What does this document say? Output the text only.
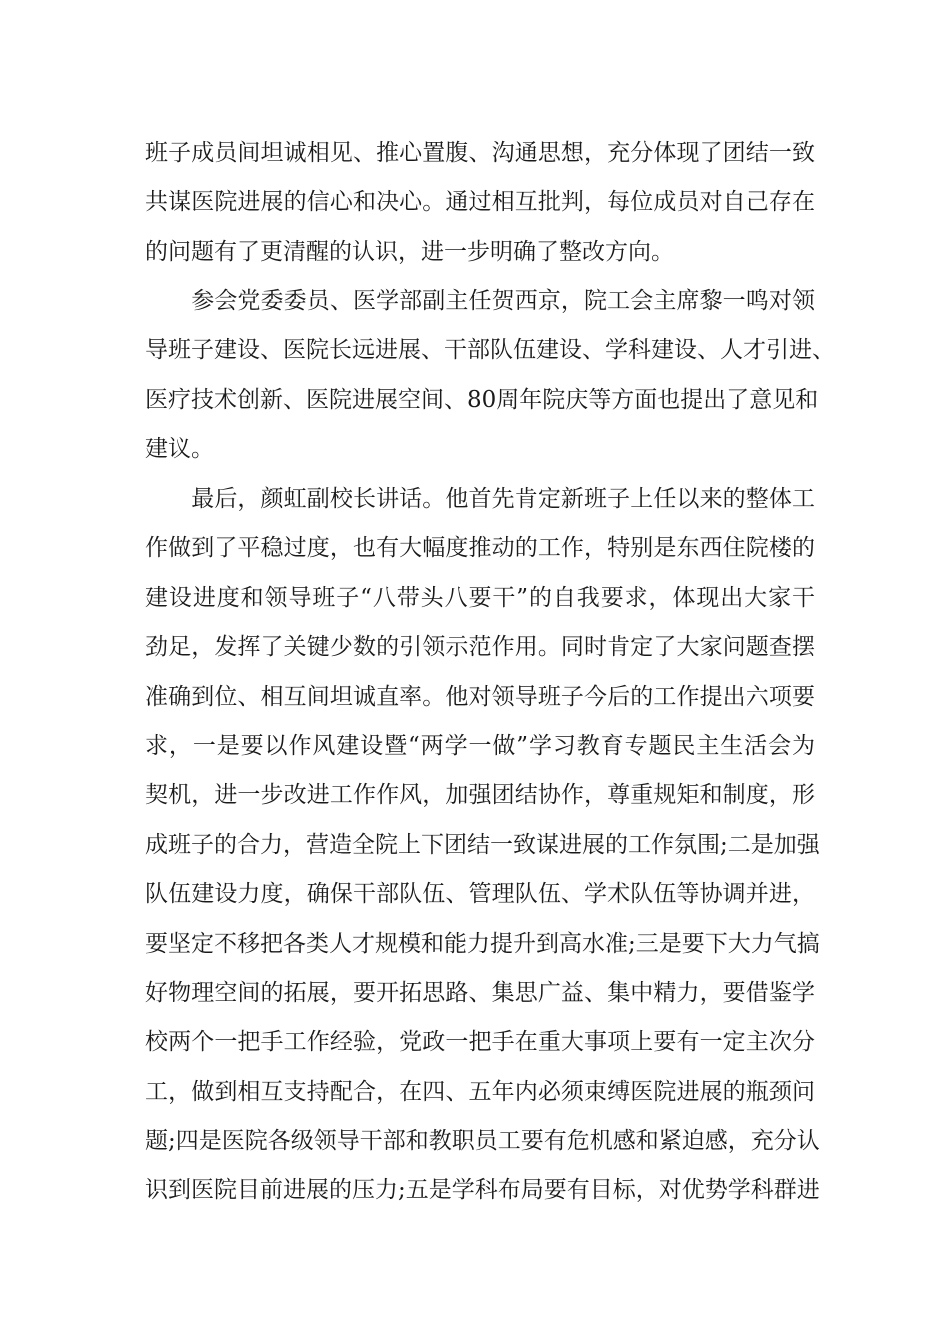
班子成员间坦诚相见、推心置腹、沟通思想，充分体现了团结一致
共谋医院进展的信心和决心。通过相互批判，每位成员对自己存在
的问题有了更清醒的认识，进一步明确了整改方向。
　　参会党委委员、医学部副主任贺西京，院工会主席黎一鸣对领
导班子建设、医院长远进展、干部队伍建设、学科建设、人才引进、
医疗技术创新、医院进展空间、80周年院庆等方面也提出了意见和
建议。
　　最后，颜虹副校长讲话。他首先肯定新班子上任以来的整体工
作做到了平稳过度，也有大幅度推动的工作，特别是东西住院楼的
建设进度和领导班子“八带头八要干”的自我要求，体现出大家干
劲足，发挥了关键少数的引领示范作用。同时肯定了大家问题查摆
准确到位、相互间坦诚直率。他对领导班子今后的工作提出六项要
求，一是要以作风建设暨“两学一做”学习教育专题民主生活会为
契机，进一步改进工作作风，加强团结协作，尊重规矩和制度，形
成班子的合力，营造全院上下团结一致谋进展的工作氛围;二是加强
队伍建设力度，确保干部队伍、管理队伍、学术队伍等协调并进，
要坚定不移把各类人才规模和能力提升到高水准;三是要下大力气搞
好物理空间的拓展，要开拓思路、集思广益、集中精力，要借鉴学
校两个一把手工作经验，党政一把手在重大事项上要有一定主次分
工，做到相互支持配合，在四、五年内必须束缚医院进展的瓶颈问
题;四是医院各级领导干部和教职员工要有危机感和紧迫感，充分认
识到医院目前进展的压力;五是学科布局要有目标，对优势学科群进
